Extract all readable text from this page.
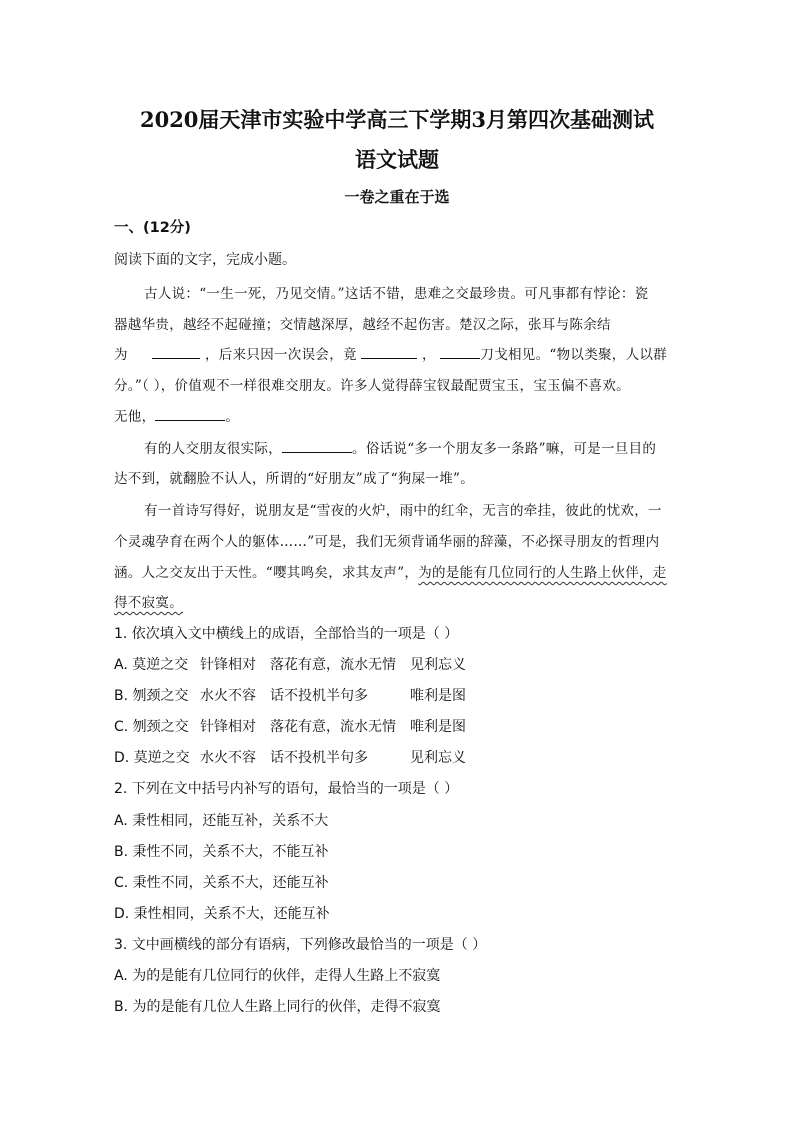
2020届天津市实验中学高三下学期3月第四次基础测试
语文试题
一卷之重在于选
一、(12分)
阅读下面的文字，完成小题。
古人说：“一生一死，乃见交情。”这话不错，患难之交最珍贵。可凡事都有悖论：瓷
器越华贵，越经不起碰撞；交情越深厚，越经不起伤害。楚汉之际，张耳与陈余结
为	，后来只因一次误会，竟	，	刀戈相见。“物以类聚，人以群
分。”（ ），价值观不一样很难交朋友。许多人觉得薛宝钗最配贾宝玉，宝玉偏不喜欢。
无他，	。
有的人交朋友很实际，	。俗话说“多一个朋友多一条路”嘛，可是一旦目的
达不到，就翻脸不认人，所谓的“好朋友”成了“狗屎一堆”。
有一首诗写得好，说朋友是“雪夜的火炉，雨中的红伞，无言的牵挂，彼此的忧欢，一
个灵魂孕育在两个人的躯体……”可是，我们无须背诵华丽的辞藻，不必探寻朋友的哲理内
涵。人之交友出于天性。“嘤其鸣矣，求其友声”，为的是能有几位同行的人生路上伙伴，走
得不寂寞。
1. 依次填入文中横线上的成语，全部恰当的一项是（ ）
A. 莫逆之交 针锋相对 落花有意，流水无情 见利忘义
B. 刎颈之交 水火不容 话不投机半句多	唯利是图
C. 刎颈之交 针锋相对 落花有意，流水无情 唯利是图
D. 莫逆之交 水火不容 话不投机半句多	见利忘义
2. 下列在文中括号内补写的语句，最恰当的一项是（ ）
A. 秉性相同，还能互补，关系不大
B. 秉性不同，关系不大，不能互补
C. 秉性不同，关系不大，还能互补
D. 秉性相同，关系不大，还能互补
3. 文中画横线的部分有语病，下列修改最恰当的一项是（ ）
A. 为的是能有几位同行的伙伴，走得人生路上不寂寞
B. 为的是能有几位人生路上同行的伙伴，走得不寂寞
